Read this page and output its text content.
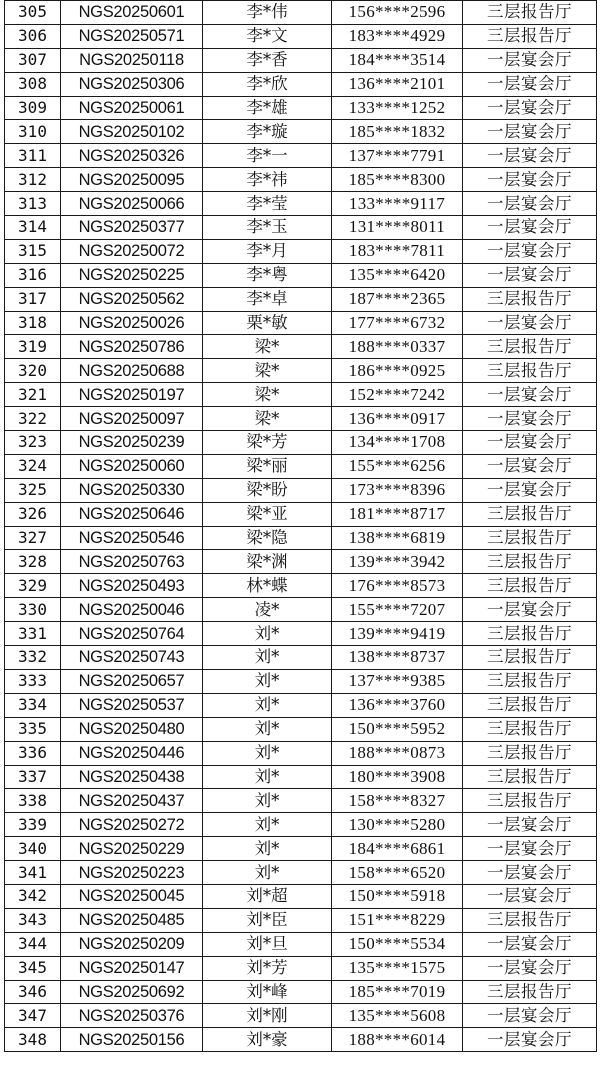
305	NGS20250601	李*伟	156****2596	三层报告厅
306	NGS20250571	李*文	183****4929	三层报告厅
307	NGS20250118	李*香	184****3514	一层宴会厅
308	NGS20250306	李*欣	136****2101	一层宴会厅
309	NGS20250061	李*雄	133****1252	一层宴会厅
310	NGS20250102	李*璇	185****1832	一层宴会厅
311	NGS20250326	李*一	137****7791	一层宴会厅
312	NGS20250095	李*祎	185****8300	一层宴会厅
313	NGS20250066	李*莹	133****9117	一层宴会厅
314	NGS20250377	李*玉	131****8011	一层宴会厅
315	NGS20250072	李*月	183****7811	一层宴会厅
316	NGS20250225	李*粤	135****6420	一层宴会厅
317	NGS20250562	李*卓	187****2365	三层报告厅
318	NGS20250026	栗*敏	177****6732	一层宴会厅
319	NGS20250786	梁*	188****0337	三层报告厅
320	NGS20250688	梁*	186****0925	三层报告厅
321	NGS20250197	梁*	152****7242	一层宴会厅
322	NGS20250097	梁*	136****0917	一层宴会厅
323	NGS20250239	梁*芳	134****1708	一层宴会厅
324	NGS20250060	梁*丽	155****6256	一层宴会厅
325	NGS20250330	梁*盼	173****8396	一层宴会厅
326	NGS20250646	梁*亚	181****8717	三层报告厅
327	NGS20250546	梁*隐	138****6819	三层报告厅
328	NGS20250763	梁*渊	139****3942	三层报告厅
329	NGS20250493	林*蝶	176****8573	三层报告厅
330	NGS20250046	凌*	155****7207	一层宴会厅
331	NGS20250764	刘*	139****9419	三层报告厅
332	NGS20250743	刘*	138****8737	三层报告厅
333	NGS20250657	刘*	137****9385	三层报告厅
334	NGS20250537	刘*	136****3760	三层报告厅
335	NGS20250480	刘*	150****5952	三层报告厅
336	NGS20250446	刘*	188****0873	三层报告厅
337	NGS20250438	刘*	180****3908	三层报告厅
338	NGS20250437	刘*	158****8327	三层报告厅
339	NGS20250272	刘*	130****5280	一层宴会厅
340	NGS20250229	刘*	184****6861	一层宴会厅
341	NGS20250223	刘*	158****6520	一层宴会厅
342	NGS20250045	刘*超	150****5918	一层宴会厅
343	NGS20250485	刘*臣	151****8229	三层报告厅
344	NGS20250209	刘*旦	150****5534	一层宴会厅
345	NGS20250147	刘*芳	135****1575	一层宴会厅
346	NGS20250692	刘*峰	185****7019	三层报告厅
347	NGS20250376	刘*刚	135****5608	一层宴会厅
348	NGS20250156	刘*豪	188****6014	一层宴会厅
